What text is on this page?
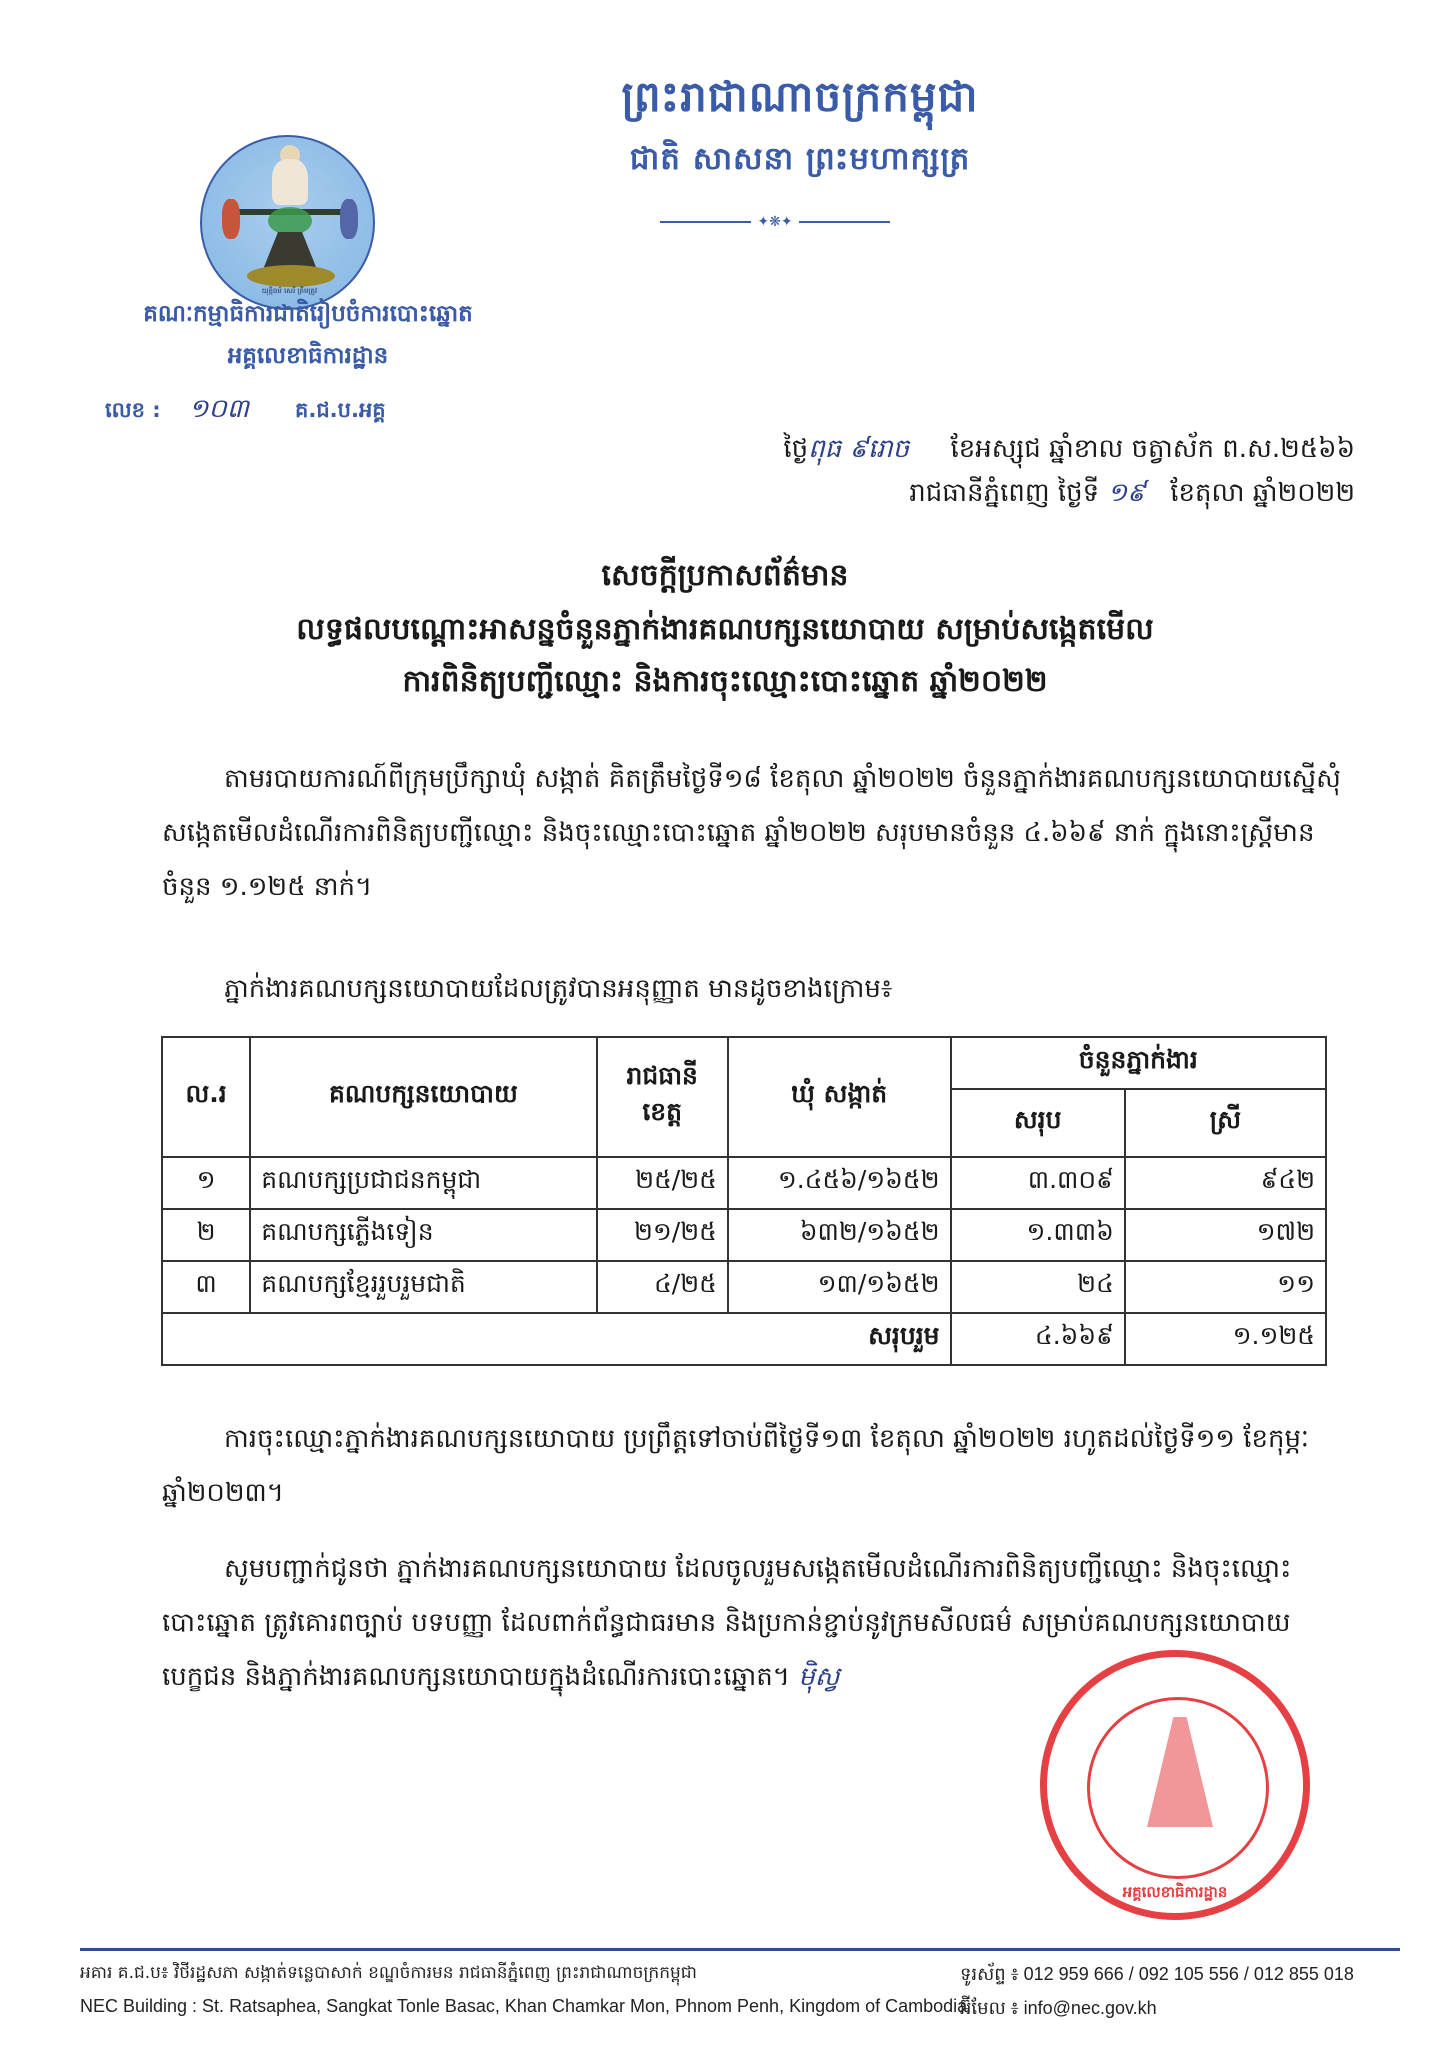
យុត្តិធម៌ សេរី ត្រឹមត្រូវ
គណៈកម្មាធិការជាតិរៀបចំការបោះឆ្នោត
អគ្គលេខាធិការដ្ឋាន
លេខ : ១០៣ គ.ជ.ប.អគ្គ
ព្រះរាជាណាចក្រកម្ពុជា
ជាតិ សាសនា ព្រះមហាក្សត្រ
✦❋✦
ថ្ងៃពុធ ៩រោច ខែអស្សុជ ឆ្នាំខាល ចត្វាស័ក ព.ស.២៥៦៦
រាជធានីភ្នំពេញ ថ្ងៃទី ១៩ ខែតុលា ឆ្នាំ២០២២
សេចក្តីប្រកាសព័ត៌មាន
លទ្ធផលបណ្តោះអាសន្នចំនួនភ្នាក់ងារគណបក្សនយោបាយ សម្រាប់សង្កេតមើល
ការពិនិត្យបញ្ជីឈ្មោះ និងការចុះឈ្មោះបោះឆ្នោត ឆ្នាំ២០២២
តាមរបាយការណ៍ពីក្រុមប្រឹក្សាឃុំ សង្កាត់ គិតត្រឹមថ្ងៃទី១៨ ខែតុលា ឆ្នាំ២០២២ ចំនួនភ្នាក់ងារគណបក្សនយោបាយស្នើសុំសង្កេតមើលដំណើរការពិនិត្យបញ្ជីឈ្មោះ និងចុះឈ្មោះបោះឆ្នោត ឆ្នាំ២០២២ សរុបមានចំនួន ៤.៦៦៩ នាក់ ក្នុងនោះស្ត្រីមានចំនួន ១.១២៥ នាក់។
ភ្នាក់ងារគណបក្សនយោបាយដែលត្រូវបានអនុញ្ញាត មានដូចខាងក្រោម៖
ល.រ	គណបក្សនយោបាយ	រាជធានី ខេត្ត	ឃុំ សង្កាត់	ចំនួនភ្នាក់ងារ	
				សរុប	ស្រី
១	គណបក្សប្រជាជនកម្ពុជា	២៥/២៥	១.៤៥៦/១៦៥២	៣.៣០៩	៩៤២
២	គណបក្សភ្លើងទៀន	២១/២៥	៦៣២/១៦៥២	១.៣៣៦	១៧២
៣	គណបក្សខ្មែររួបរួមជាតិ	៤/២៥	១៣/១៦៥២	២៤	១១
សរុបរួម				៤.៦៦៩	១.១២៥
ការចុះឈ្មោះភ្នាក់ងារគណបក្សនយោបាយ ប្រព្រឹត្តទៅចាប់ពីថ្ងៃទី១៣ ខែតុលា ឆ្នាំ២០២២ រហូតដល់ថ្ងៃទី១១ ខែកុម្ភៈ ឆ្នាំ២០២៣។
សូមបញ្ជាក់ជូនថា ភ្នាក់ងារគណបក្សនយោបាយ ដែលចូលរួមសង្កេតមើលដំណើរការពិនិត្យបញ្ជីឈ្មោះ និងចុះឈ្មោះបោះឆ្នោត ត្រូវគោរពច្បាប់ បទបញ្ញា ដែលពាក់ព័ន្ធជាធរមាន និងប្រកាន់ខ្ជាប់នូវក្រមសីលធម៌ សម្រាប់គណបក្សនយោបាយ បេក្ខជន និងភ្នាក់ងារគណបក្សនយោបាយក្នុងដំណើរការបោះឆ្នោត។ ម៉ិស្វ
អគ្គលេខាធិការដ្ឋាន
អគារ គ.ជ.ប៖ វិថីរដ្ឋសភា សង្កាត់ទន្លេបាសាក់ ខណ្ឌចំការមន រាជធានីភ្នំពេញ ព្រះរាជាណាចក្រកម្ពុជា
NEC Building : St. Ratsaphea, Sangkat Tonle Basac, Khan Chamkar Mon, Phnom Penh, Kingdom of Cambodia
ទូរស័ព្ទ ៖ 012 959 666 / 092 105 556 / 012 855 018
អ៊ីមែល ៖ info@nec.gov.kh
